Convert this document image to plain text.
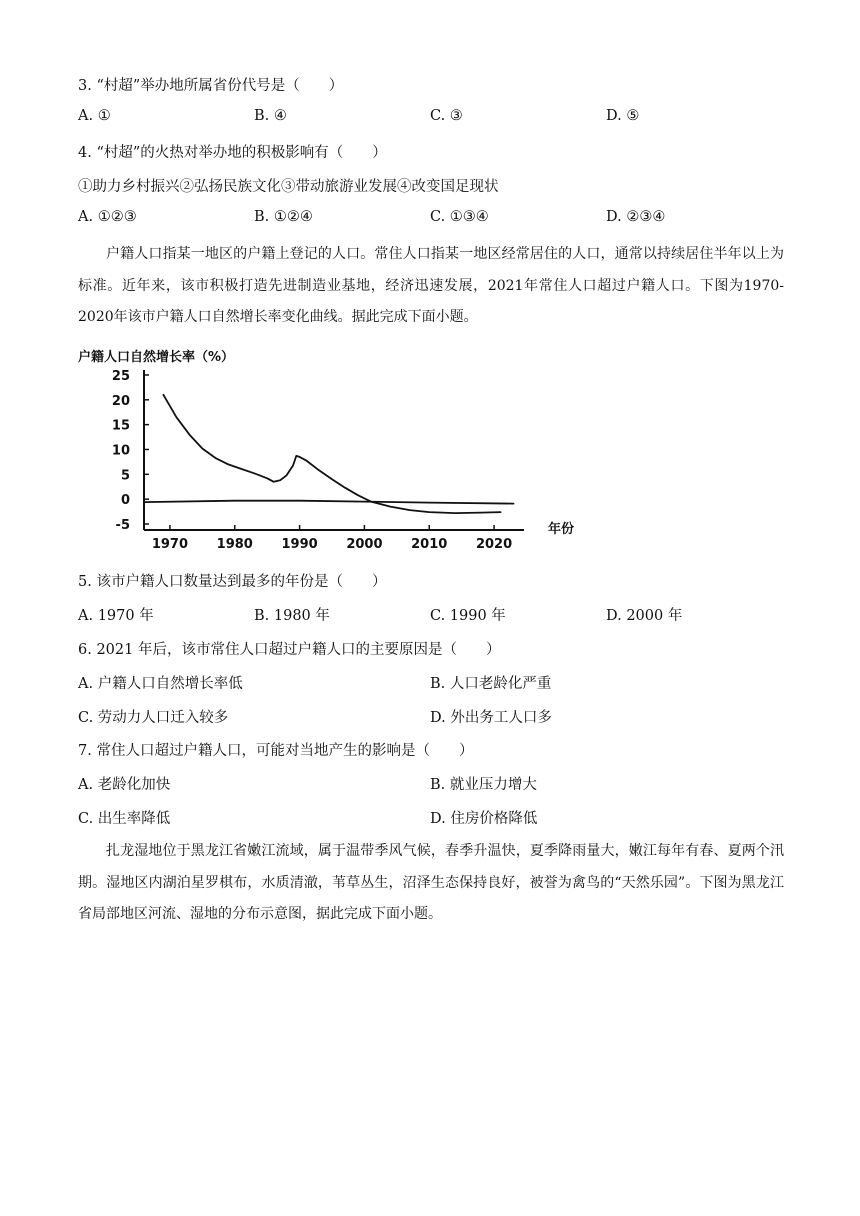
3. “村超”举办地所属省份代号是（　　）
A. ①	B. ④	C. ③	D. ⑤
4. “村超”的火热对举办地的积极影响有（　　）
①助力乡村振兴②弘扬民族文化③带动旅游业发展④改变国足现状
A. ①②③	B. ①②④	C. ①③④	D. ②③④
户籍人口指某一地区的户籍上登记的人口。常住人口指某一地区经常居住的人口，通常以持续居住半年以上为标准。近年来，该市积极打造先进制造业基地，经济迅速发展，2021年常住人口超过户籍人口。下图为1970-2020年该市户籍人口自然增长率变化曲线。据此完成下面小题。
户籍人口自然增长率（%）
25
20
15
10
5
0
-5
1970 1980 1990 2000 2010 2020
年份
5. 该市户籍人口数量达到最多的年份是（　　）
A. 1970 年	B. 1980 年	C. 1990 年	D. 2000 年
6. 2021 年后，该市常住人口超过户籍人口的主要原因是（　　）
A. 户籍人口自然增长率低	B. 人口老龄化严重
C. 劳动力人口迁入较多	D. 外出务工人口多
7. 常住人口超过户籍人口，可能对当地产生的影响是（　　）
A. 老龄化加快	B. 就业压力增大
C. 出生率降低	D. 住房价格降低
扎龙湿地位于黑龙江省嫩江流域，属于温带季风气候，春季升温快，夏季降雨量大，嫩江每年有春、夏两个汛期。湿地区内湖泊星罗棋布，水质清澈，苇草丛生，沼泽生态保持良好，被誉为禽鸟的“天然乐园”。下图为黑龙江省局部地区河流、湿地的分布示意图，据此完成下面小题。
